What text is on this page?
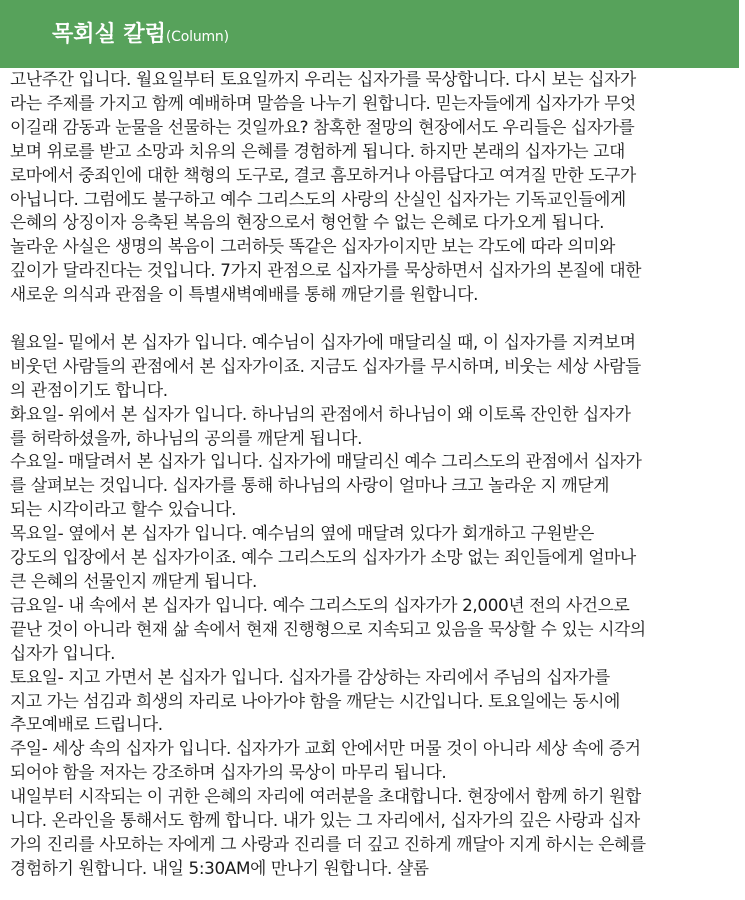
목회실 칼럼(Column)
고난주간 입니다. 월요일부터 토요일까지 우리는 십자가를 묵상합니다. 다시 보는 십자가
라는 주제를 가지고 함께 예배하며 말씀을 나누기 원합니다. 믿는자들에게 십자가가 무엇
이길래 감동과 눈물을 선물하는 것일까요? 참혹한 절망의 현장에서도 우리들은 십자가를
보며 위로를 받고 소망과 치유의 은혜를 경험하게 됩니다. 하지만 본래의 십자가는 고대
로마에서 중죄인에 대한 책형의 도구로, 결코 흠모하거나 아름답다고 여겨질 만한 도구가
아닙니다. 그럼에도 불구하고 예수 그리스도의 사랑의 산실인 십자가는 기독교인들에게
은혜의 상징이자 응축된 복음의 현장으로서 형언할 수 없는 은혜로 다가오게 됩니다.
놀라운 사실은 생명의 복음이 그러하듯 똑같은 십자가이지만 보는 각도에 따라 의미와
깊이가 달라진다는 것입니다. 7가지 관점으로 십자가를 묵상하면서 십자가의 본질에 대한
새로운 의식과 관점을 이 특별새벽예배를 통해 깨닫기를 원합니다.
월요일- 밑에서 본 십자가 입니다. 예수님이 십자가에 매달리실 때, 이 십자가를 지켜보며
비웃던 사람들의 관점에서 본 십자가이죠. 지금도 십자가를 무시하며, 비웃는 세상 사람들
의 관점이기도 합니다.
화요일- 위에서 본 십자가 입니다. 하나님의 관점에서 하나님이 왜 이토록 잔인한 십자가
를 허락하셨을까, 하나님의 공의를 깨닫게 됩니다.
수요일- 매달려서 본 십자가 입니다. 십자가에 매달리신 예수 그리스도의 관점에서 십자가
를 살펴보는 것입니다. 십자가를 통해 하나님의 사랑이 얼마나 크고 놀라운 지 깨닫게
되는 시각이라고 할수 있습니다.
목요일- 옆에서 본 십자가 입니다. 예수님의 옆에 매달려 있다가 회개하고 구원받은
강도의 입장에서 본 십자가이죠. 예수 그리스도의 십자가가 소망 없는 죄인들에게 얼마나
큰 은혜의 선물인지 깨닫게 됩니다.
금요일- 내 속에서 본 십자가 입니다. 예수 그리스도의 십자가가 2,000년 전의 사건으로
끝난 것이 아니라 현재 삶 속에서 현재 진행형으로 지속되고 있음을 묵상할 수 있는 시각의
십자가 입니다.
토요일- 지고 가면서 본 십자가 입니다. 십자가를 감상하는 자리에서 주님의 십자가를
지고 가는 섬김과 희생의 자리로 나아가야 함을 깨닫는 시간입니다. 토요일에는 동시에
추모예배로 드립니다.
주일- 세상 속의 십자가 입니다. 십자가가 교회 안에서만 머물 것이 아니라 세상 속에 증거
되어야 함을 저자는 강조하며 십자가의 묵상이 마무리 됩니다.
내일부터 시작되는 이 귀한 은혜의 자리에 여러분을 초대합니다. 현장에서 함께 하기 원합
니다. 온라인을 통해서도 함께 합니다. 내가 있는 그 자리에서, 십자가의 깊은 사랑과 십자
가의 진리를 사모하는 자에게 그 사랑과 진리를 더 깊고 진하게 깨달아 지게 하시는 은혜를
경험하기 원합니다. 내일 5:30AM에 만나기 원합니다. 샬롬
